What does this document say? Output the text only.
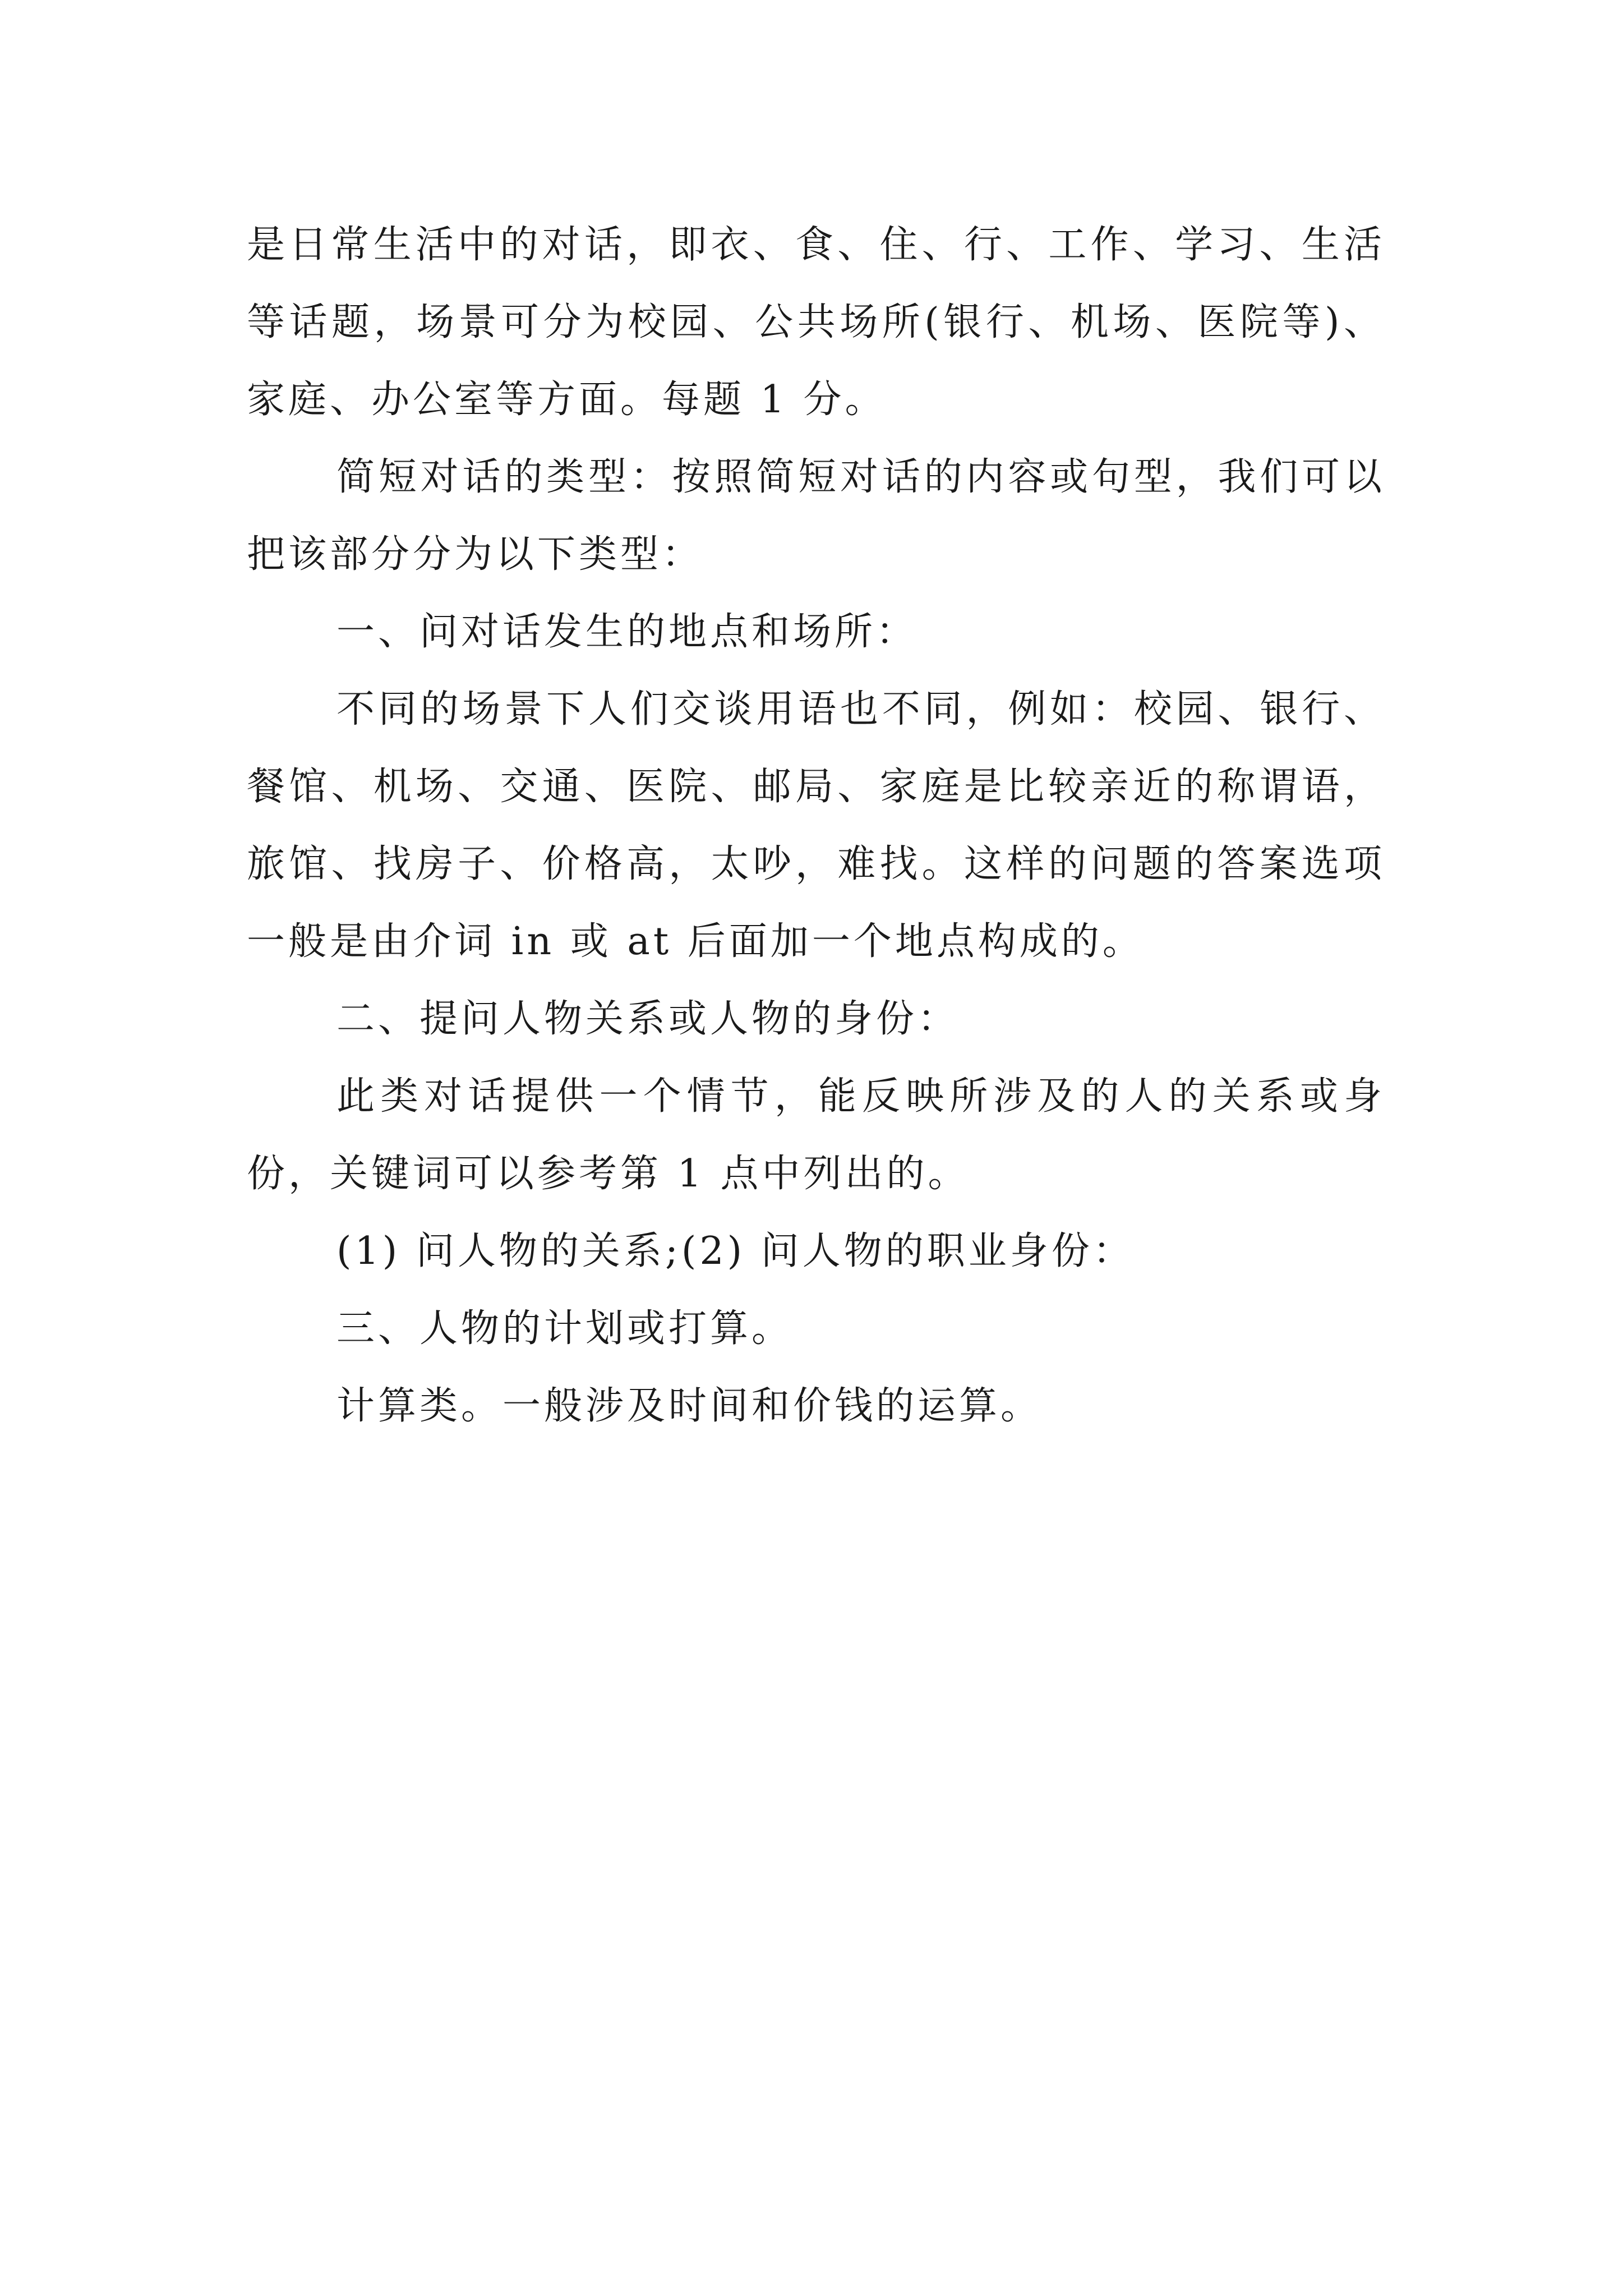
是日常生活中的对话，即衣、食、住、行、工作、学习、生活等话题，场景可分为校园、公共场所(银行、机场、医院等)、家庭、办公室等方面。每题 1 分。

简短对话的类型：按照简短对话的内容或句型，我们可以把该部分分为以下类型：

一、问对话发生的地点和场所：

不同的场景下人们交谈用语也不同，例如：校园、银行、餐馆、机场、交通、医院、邮局、家庭是比较亲近的称谓语，旅馆、找房子、价格高，太吵，难找。这样的问题的答案选项一般是由介词 in 或 at 后面加一个地点构成的。

二、提问人物关系或人物的身份：

此类对话提供一个情节，能反映所涉及的人的关系或身份，关键词可以参考第 1 点中列出的。

(1) 问人物的关系;(2) 问人物的职业身份：

三、人物的计划或打算。

计算类。一般涉及时间和价钱的运算。
